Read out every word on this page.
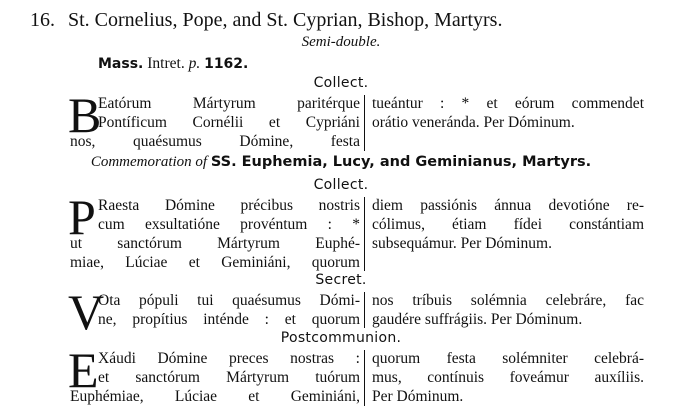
16. St. Cornelius, Pope, and St. Cyprian, Bishop, Martyrs.
Semi-double.
Mass. Intret. p. 1162.
Collect.
B
Eatórum Mártyrum paritérque
Pontíficum Cornélii et Cypriáni
nos, quaésumus Dómine, festa
tueántur : * et eórum commendet
orátio veneránda. Per Dóminum.
Commemoration of SS. Euphemia, Lucy, and Geminianus, Martyrs.
Collect.
P Raesta Dómine précibus nostris
cum exsultatióne provéntum : *
ut sanctórum Mártyrum Euphé-
miae, Lúciae et Geminiáni, quorum
diem passiónis ánnua devotióne re-
cólimus, étiam fídei constántiam
subsequámur. Per Dóminum.
Secret.
V
Ota pópuli tui quaésumus Dómi-
ne, propítius inténde : et quorum
nos tríbuis solémnia celebráre, fac
gaudére suffrágiis. Per Dóminum.
Postcommunion.
E Xáudi Dómine preces nostras :
et sanctórum Mártyrum tuórum
Euphémiae, Lúciae et Geminiáni,
quorum festa solémniter celebrá-
mus, contínuis foveámur auxíliis.
Per Dóminum.
